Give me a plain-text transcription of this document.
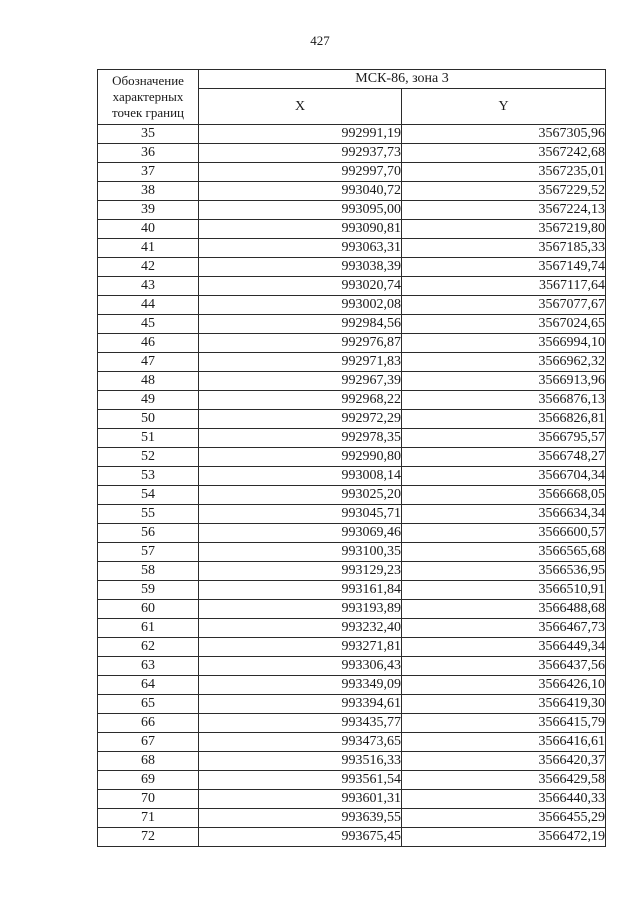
427
Обозначение характерных точек границ	МСК-86, зона 3	
	X	Y
35	992991,19	3567305,96
36	992937,73	3567242,68
37	992997,70	3567235,01
38	993040,72	3567229,52
39	993095,00	3567224,13
40	993090,81	3567219,80
41	993063,31	3567185,33
42	993038,39	3567149,74
43	993020,74	3567117,64
44	993002,08	3567077,67
45	992984,56	3567024,65
46	992976,87	3566994,10
47	992971,83	3566962,32
48	992967,39	3566913,96
49	992968,22	3566876,13
50	992972,29	3566826,81
51	992978,35	3566795,57
52	992990,80	3566748,27
53	993008,14	3566704,34
54	993025,20	3566668,05
55	993045,71	3566634,34
56	993069,46	3566600,57
57	993100,35	3566565,68
58	993129,23	3566536,95
59	993161,84	3566510,91
60	993193,89	3566488,68
61	993232,40	3566467,73
62	993271,81	3566449,34
63	993306,43	3566437,56
64	993349,09	3566426,10
65	993394,61	3566419,30
66	993435,77	3566415,79
67	993473,65	3566416,61
68	993516,33	3566420,37
69	993561,54	3566429,58
70	993601,31	3566440,33
71	993639,55	3566455,29
72	993675,45	3566472,19
